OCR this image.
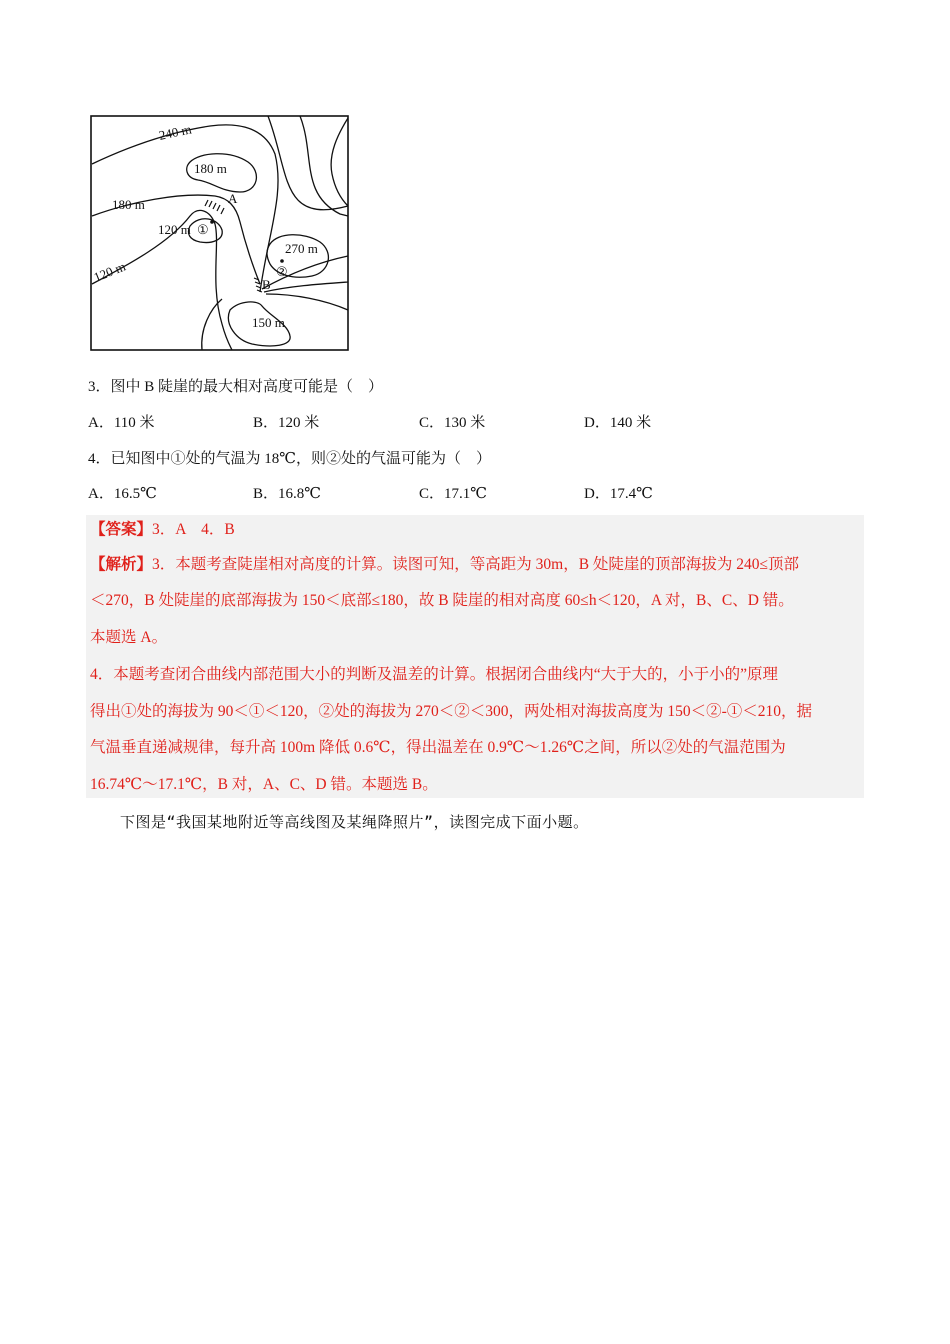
240 m
180 m
180 m
120 m
120 m
270 m
150 m
A
B
①
②
3．图中 B 陡崖的最大相对高度可能是（　）
A．110 米	B．120 米	C．130 米	D．140 米
4．已知图中①处的气温为 18℃，则②处的气温可能为（　）
A．16.5℃	B．16.8℃	C．17.1℃	D．17.4℃
【答案】3．A　4．B
【解析】3．本题考查陡崖相对高度的计算。读图可知，等高距为 30m，B 处陡崖的顶部海拔为 240≤顶部
＜270，B 处陡崖的底部海拔为 150＜底部≤180，故 B 陡崖的相对高度 60≤h＜120，A 对，B、C、D 错。
本题选 A。
4．本题考查闭合曲线内部范围大小的判断及温差的计算。根据闭合曲线内“大于大的，小于小的”原理
得出①处的海拔为 90＜①＜120，②处的海拔为 270＜②＜300，两处相对海拔高度为 150＜②-①＜210，据
气温垂直递减规律，每升高 100m 降低 0.6℃，得出温差在 0.9℃～1.26℃之间，所以②处的气温范围为
16.74℃～17.1℃，B 对，A、C、D 错。本题选 B。
下图是“我国某地附近等高线图及某绳降照片”，读图完成下面小题。
